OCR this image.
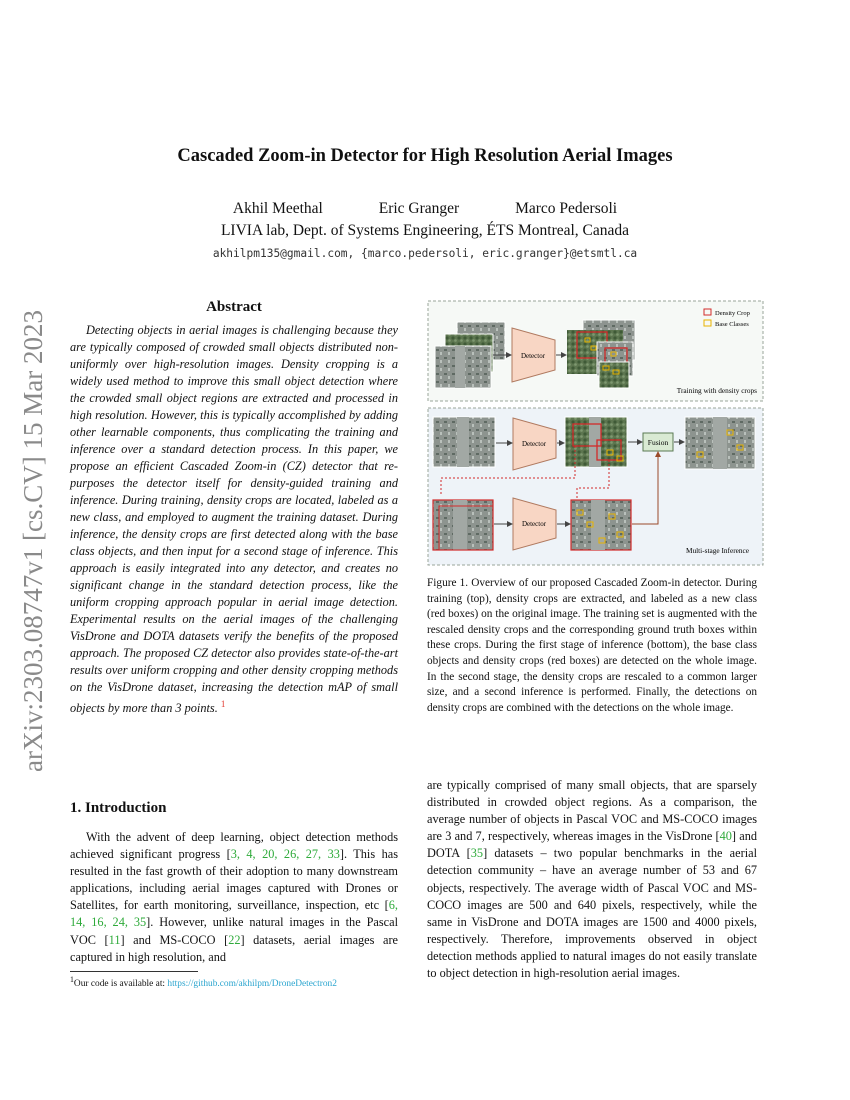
arXiv:2303.08747v1 [cs.CV] 15 Mar 2023
Cascaded Zoom-in Detector for High Resolution Aerial Images
Akhil Meethal	Eric Granger	Marco Pedersoli
LIVIA lab, Dept. of Systems Engineering, ÉTS Montreal, Canada
akhilpm135@gmail.com, {marco.pedersoli, eric.granger}@etsmtl.ca
Abstract
Detecting objects in aerial images is challenging because they are typically composed of crowded small objects distributed non-uniformly over high-resolution images. Density cropping is a widely used method to improve this small object detection where the crowded small object regions are extracted and processed in high resolution. However, this is typically accomplished by adding other learnable components, thus complicating the training and inference over a standard detection process. In this paper, we propose an efficient Cascaded Zoom-in (CZ) detector that re-purposes the detector itself for density-guided training and inference. During training, density crops are located, labeled as a new class, and employed to augment the training dataset. During inference, the density crops are first detected along with the base class objects, and then input for a second stage of inference. This approach is easily integrated into any detector, and creates no significant change in the standard detection process, like the uniform cropping approach popular in aerial image detection. Experimental results on the aerial images of the challenging VisDrone and DOTA datasets verify the benefits of the proposed approach. The proposed CZ detector also provides state-of-the-art results over uniform cropping and other density cropping methods on the VisDrone dataset, increasing the detection mAP of small objects by more than 3 points. $^1$
1. Introduction
With the advent of deep learning, object detection methods achieved significant progress [3, 4, 20, 26, 27, 33]. This has resulted in the fast growth of their adoption to many downstream applications, including aerial images captured with Drones or Satellites, for earth monitoring, surveillance, inspection, etc [6, 14, 16, 24, 35]. However, unlike natural images in the Pascal VOC [11] and MS-COCO [22] datasets, aerial images are captured in high resolution, and
$^1$Our code is available at: https://github.com/akhilpm/DroneDetectron2
Detector
Density Crop
Base Classes
Training with density crops
Detector	Fusion
Detector
Multi-stage Inference
Figure 1. Overview of our proposed Cascaded Zoom-in detector. During training (top), density crops are extracted, and labeled as a new class (red boxes) on the original image. The training set is augmented with the rescaled density crops and the corresponding ground truth boxes within these crops. During the first stage of inference (bottom), the base class objects and density crops (red boxes) are detected on the whole image. In the second stage, the density crops are rescaled to a common larger size, and a second inference is performed. Finally, the detections on density crops are combined with the detections on the whole image.
are typically comprised of many small objects, that are sparsely distributed in crowded object regions. As a comparison, the average number of objects in Pascal VOC and MS-COCO images are 3 and 7, respectively, whereas images in the VisDrone [40] and DOTA [35] datasets – two popular benchmarks in the aerial detection community – have an average number of 53 and 67 objects, respectively. The average width of Pascal VOC and MS-COCO images are 500 and 640 pixels, respectively, while the same in VisDrone and DOTA images are 1500 and 4000 pixels, respectively. Therefore, improvements observed in object detection methods applied to natural images do not easily translate to object detection in high-resolution aerial images.
